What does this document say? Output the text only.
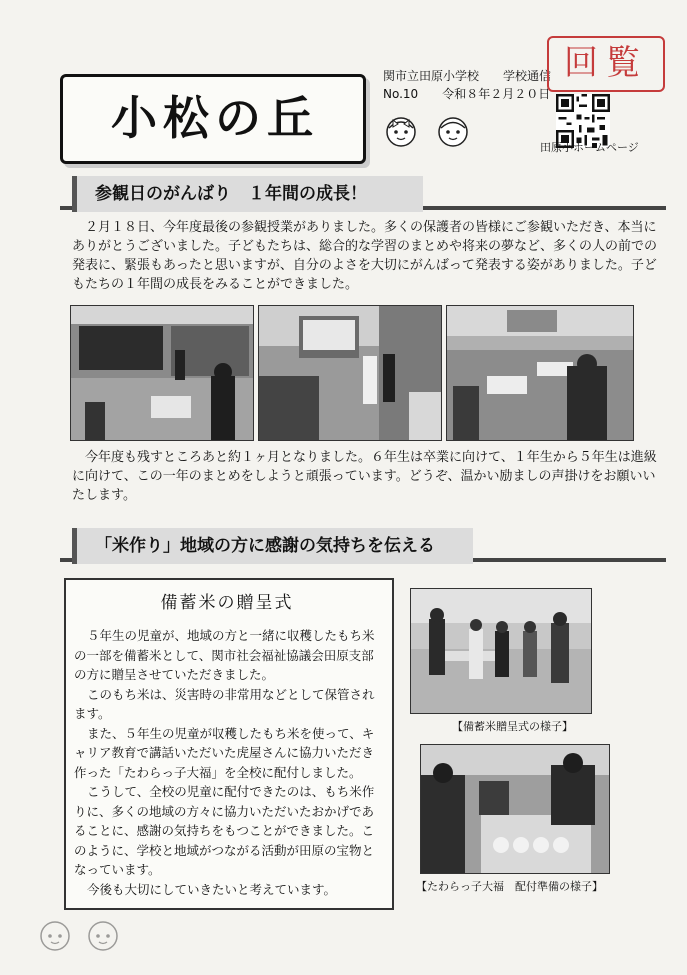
小松の丘
関市立田原小学校　　学校通信
No.10　　令和８年２月２０日
回覧
田原小ホームページ
参観日のがんばり　１年間の成長！
２月１８日、今年度最後の参観授業がありました。多くの保護者の皆様にご参観いただき、本当にありがとうございました。子どもたちは、総合的な学習のまとめや将来の夢など、多くの人の前での発表に、緊張もあったと思いますが、自分のよさを大切にがんばって発表する姿がありました。子どもたちの１年間の成長をみることができました。
今年度も残すところあと約１ヶ月となりました。６年生は卒業に向けて、１年生から５年生は進級に向けて、この一年のまとめをしようと頑張っています。どうぞ、温かい励ましの声掛けをお願いいたします。
「米作り」地域の方に感謝の気持ちを伝える
備蓄米の贈呈式

５年生の児童が、地域の方と一緒に収穫したもち米の一部を備蓄米として、関市社会福祉協議会田原支部の方に贈呈させていただきました。

このもち米は、災害時の非常用などとして保管されます。

また、５年生の児童が収穫したもち米を使って、キャリア教育で講話いただいた虎屋さんに協力いただき作った「たわらっ子大福」を全校に配付しました。

こうして、全校の児童に配付できたのは、もち米作りに、多くの地域の方々に協力いただいたおかげであることに、感謝の気持ちをもつことができました。このように、学校と地域がつながる活動が田原の宝物となっています。

今後も大切にしていきたいと考えています。

【備蓄米贈呈式の様子】
【たわらっ子大福　配付準備の様子】
